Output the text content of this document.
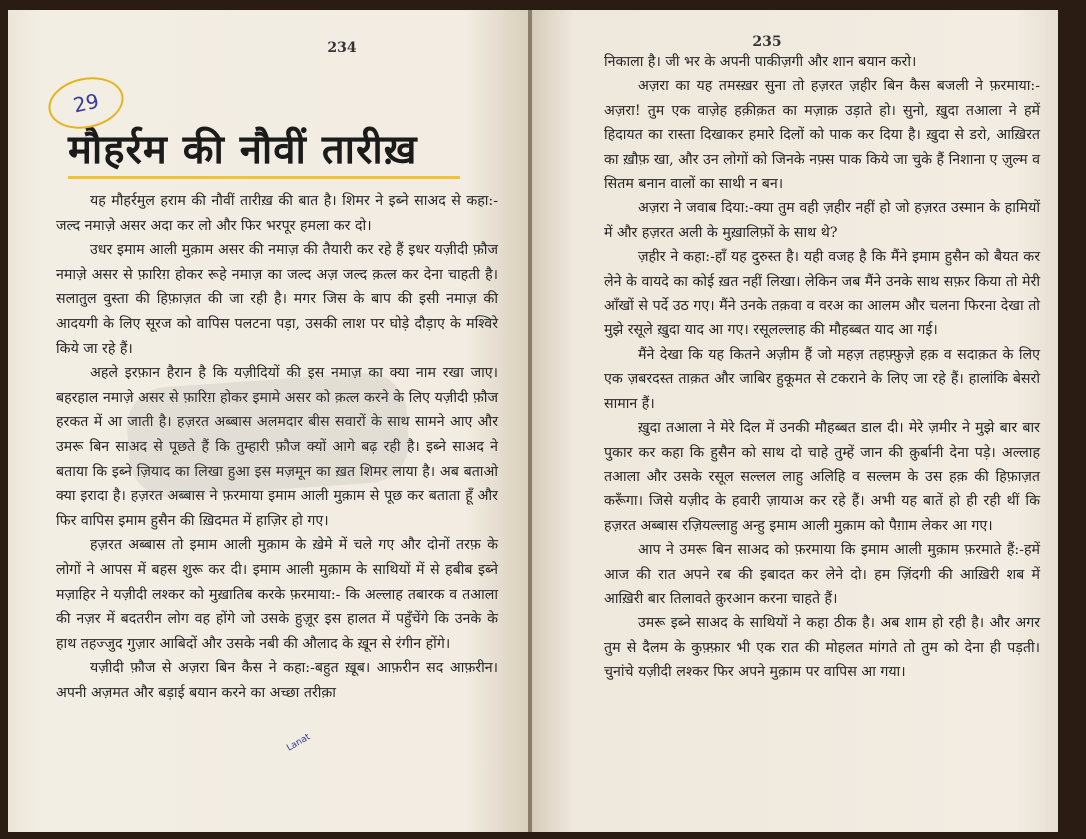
234
29
मौहर्रम की नौवीं तारीख़

यह मौहर्रमुल हराम की नौवीं तारीख़ की बात है। शिमर ने इब्ने साअद से कहा:-जल्द नमाज़े असर अदा कर लो और फिर भरपूर हमला कर दो।

उधर इमाम आली मुक़ाम असर की नमाज़ की तैयारी कर रहे हैं इधर यज़ीदी फ़ौज नमाज़े असर से फ़ारिग़ होकर रूहे नमाज़ का जल्द अज़ जल्द क़त्ल कर देना चाहती है। सलातुल वुस्ता की हिफ़ाज़त की जा रही है। मगर जिस के बाप की इसी नमाज़ की आदयगी के लिए सूरज को वापिस पलटना पड़ा, उसकी लाश पर घोड़े दौड़ाए के मश्विरे किये जा रहे हैं।

अहले इरफ़ान हैरान है कि यज़ीदियों की इस नमाज़ का क्या नाम रखा जाए। बहरहाल नमाज़े असर से फ़ारिग़ होकर इमामे असर को क़त्ल करने के लिए यज़ीदी फ़ौज हरकत में आ जाती है। हज़रत अब्बास अलमदार बीस सवारों के साथ सामने आए और उमरू बिन साअद से पूछते हैं कि तुम्हारी फ़ौज क्यों आगे बढ़ रही है। इब्ने साअद ने बताया कि इब्ने ज़ियाद का लिखा हुआ इस मज़मून का ख़त शिमर लाया है। अब बताओ क्या इरादा है। हज़रत अब्बास ने फ़रमाया इमाम आली मुक़ाम से पूछ कर बताता हूँ और फिर वापिस इमाम हुसैन की ख़िदमत में हाज़िर हो गए।

हज़रत अब्बास तो इमाम आली मुक़ाम के ख़ेमे में चले गए और दोनों तरफ़ के लोगों ने आपस में बहस शुरू कर दी। इमाम आली मुक़ाम के साथियों में से हबीब इब्ने मज़ाहिर ने यज़ीदी लश्कर को मुख़ातिब करके फ़रमाया:- कि अल्लाह तबारक व तआला की नज़र में बदतरीन लोग वह होंगे जो उसके हुज़ूर इस हालत में पहुँचेंगे कि उनके के हाथ तहज्जुद गुज़ार आबिदों और उसके नबी की औलाद के ख़ून से रंगीन होंगे।

यज़ीदी फ़ौज से अज़रा बिन कैस ने कहा:-बहुत ख़ूब। आफ़रीन सद आफ़रीन। अपनी अज़मत और बड़ाई बयान करने का अच्छा तरीक़ा

Lanat
235

निकाला है। जी भर के अपनी पाकीज़गी और शान बयान करो।

अज़रा का यह तमस्ख़र सुना तो हज़रत ज़हीर बिन कैस बजली ने फ़रमाया:-अज़रा! तुम एक वाज़ेह हक़ीक़त का मज़ाक़ उड़ाते हो। सुनो, ख़ुदा तआला ने हमें हिदायत का रास्ता दिखाकर हमारे दिलों को पाक कर दिया है। ख़ुदा से डरो, आख़िरत का ख़ौफ़ खा, और उन लोगों को जिनके नफ़्स पाक किये जा चुके हैं निशाना ए ज़ुल्म व सितम बनान वालों का साथी न बन।

अज़रा ने जवाब दिया:-क्या तुम वही ज़हीर नहीं हो जो हज़रत उस्मान के हामियों में और हज़रत अली के मुख़ालिफ़ों के साथ थे?

ज़हीर ने कहा:-हाँ यह दुरुस्त है। यही वजह है कि मैंने इमाम हुसैन को बैयत कर लेने के वायदे का कोई ख़त नहीं लिखा। लेकिन जब मैंने उनके साथ सफ़र किया तो मेरी आँखों से पर्दे उठ गए। मैंने उनके तक़वा व वरअ का आलम और चलना फिरना देखा तो मुझे रसूले ख़ुदा याद आ गए। रसूलल्लाह की मौहब्बत याद आ गई।

मैंने देखा कि यह कितने अज़ीम हैं जो महज़ तहफ़्फ़ुज़े हक़ व सदाक़त के लिए एक ज़बरदस्त ताक़त और जाबिर हुकूमत से टकराने के लिए जा रहे हैं। हालांकि बेसरो सामान हैं।

ख़ुदा तआला ने मेरे दिल में उनकी मौहब्बत डाल दी। मेरे ज़मीर ने मुझे बार बार पुकार कर कहा कि हुसैन को साथ दो चाहे तुम्हें जान की क़ुर्बानी देना पड़े। अल्लाह तआला और उसके रसूल सल्लल लाहु अलिहि व सल्लम के उस हक़ की हिफ़ाज़त करूँगा। जिसे यज़ीद के हवारी ज़ायाअ कर रहे हैं। अभी यह बातें हो ही रही थीं कि हज़रत अब्बास रज़ियल्लाहु अन्हु इमाम आली मुक़ाम को पैग़ाम लेकर आ गए।

आप ने उमरू बिन साअद को फ़रमाया कि इमाम आली मुक़ाम फ़रमाते हैं:-हमें आज की रात अपने रब की इबादत कर लेने दो। हम ज़िंदगी की आख़िरी शब में आख़िरी बार तिलावते क़ुरआन करना चाहते हैं।

उमरू इब्ने साअद के साथियों ने कहा ठीक है। अब शाम हो रही है। और अगर तुम से दैलम के कुफ़्फ़ार भी एक रात की मोहलत मांगते तो तुम को देना ही पड़ती। चुनांचे यज़ीदी लश्कर फिर अपने मुक़ाम पर वापिस आ गया।
